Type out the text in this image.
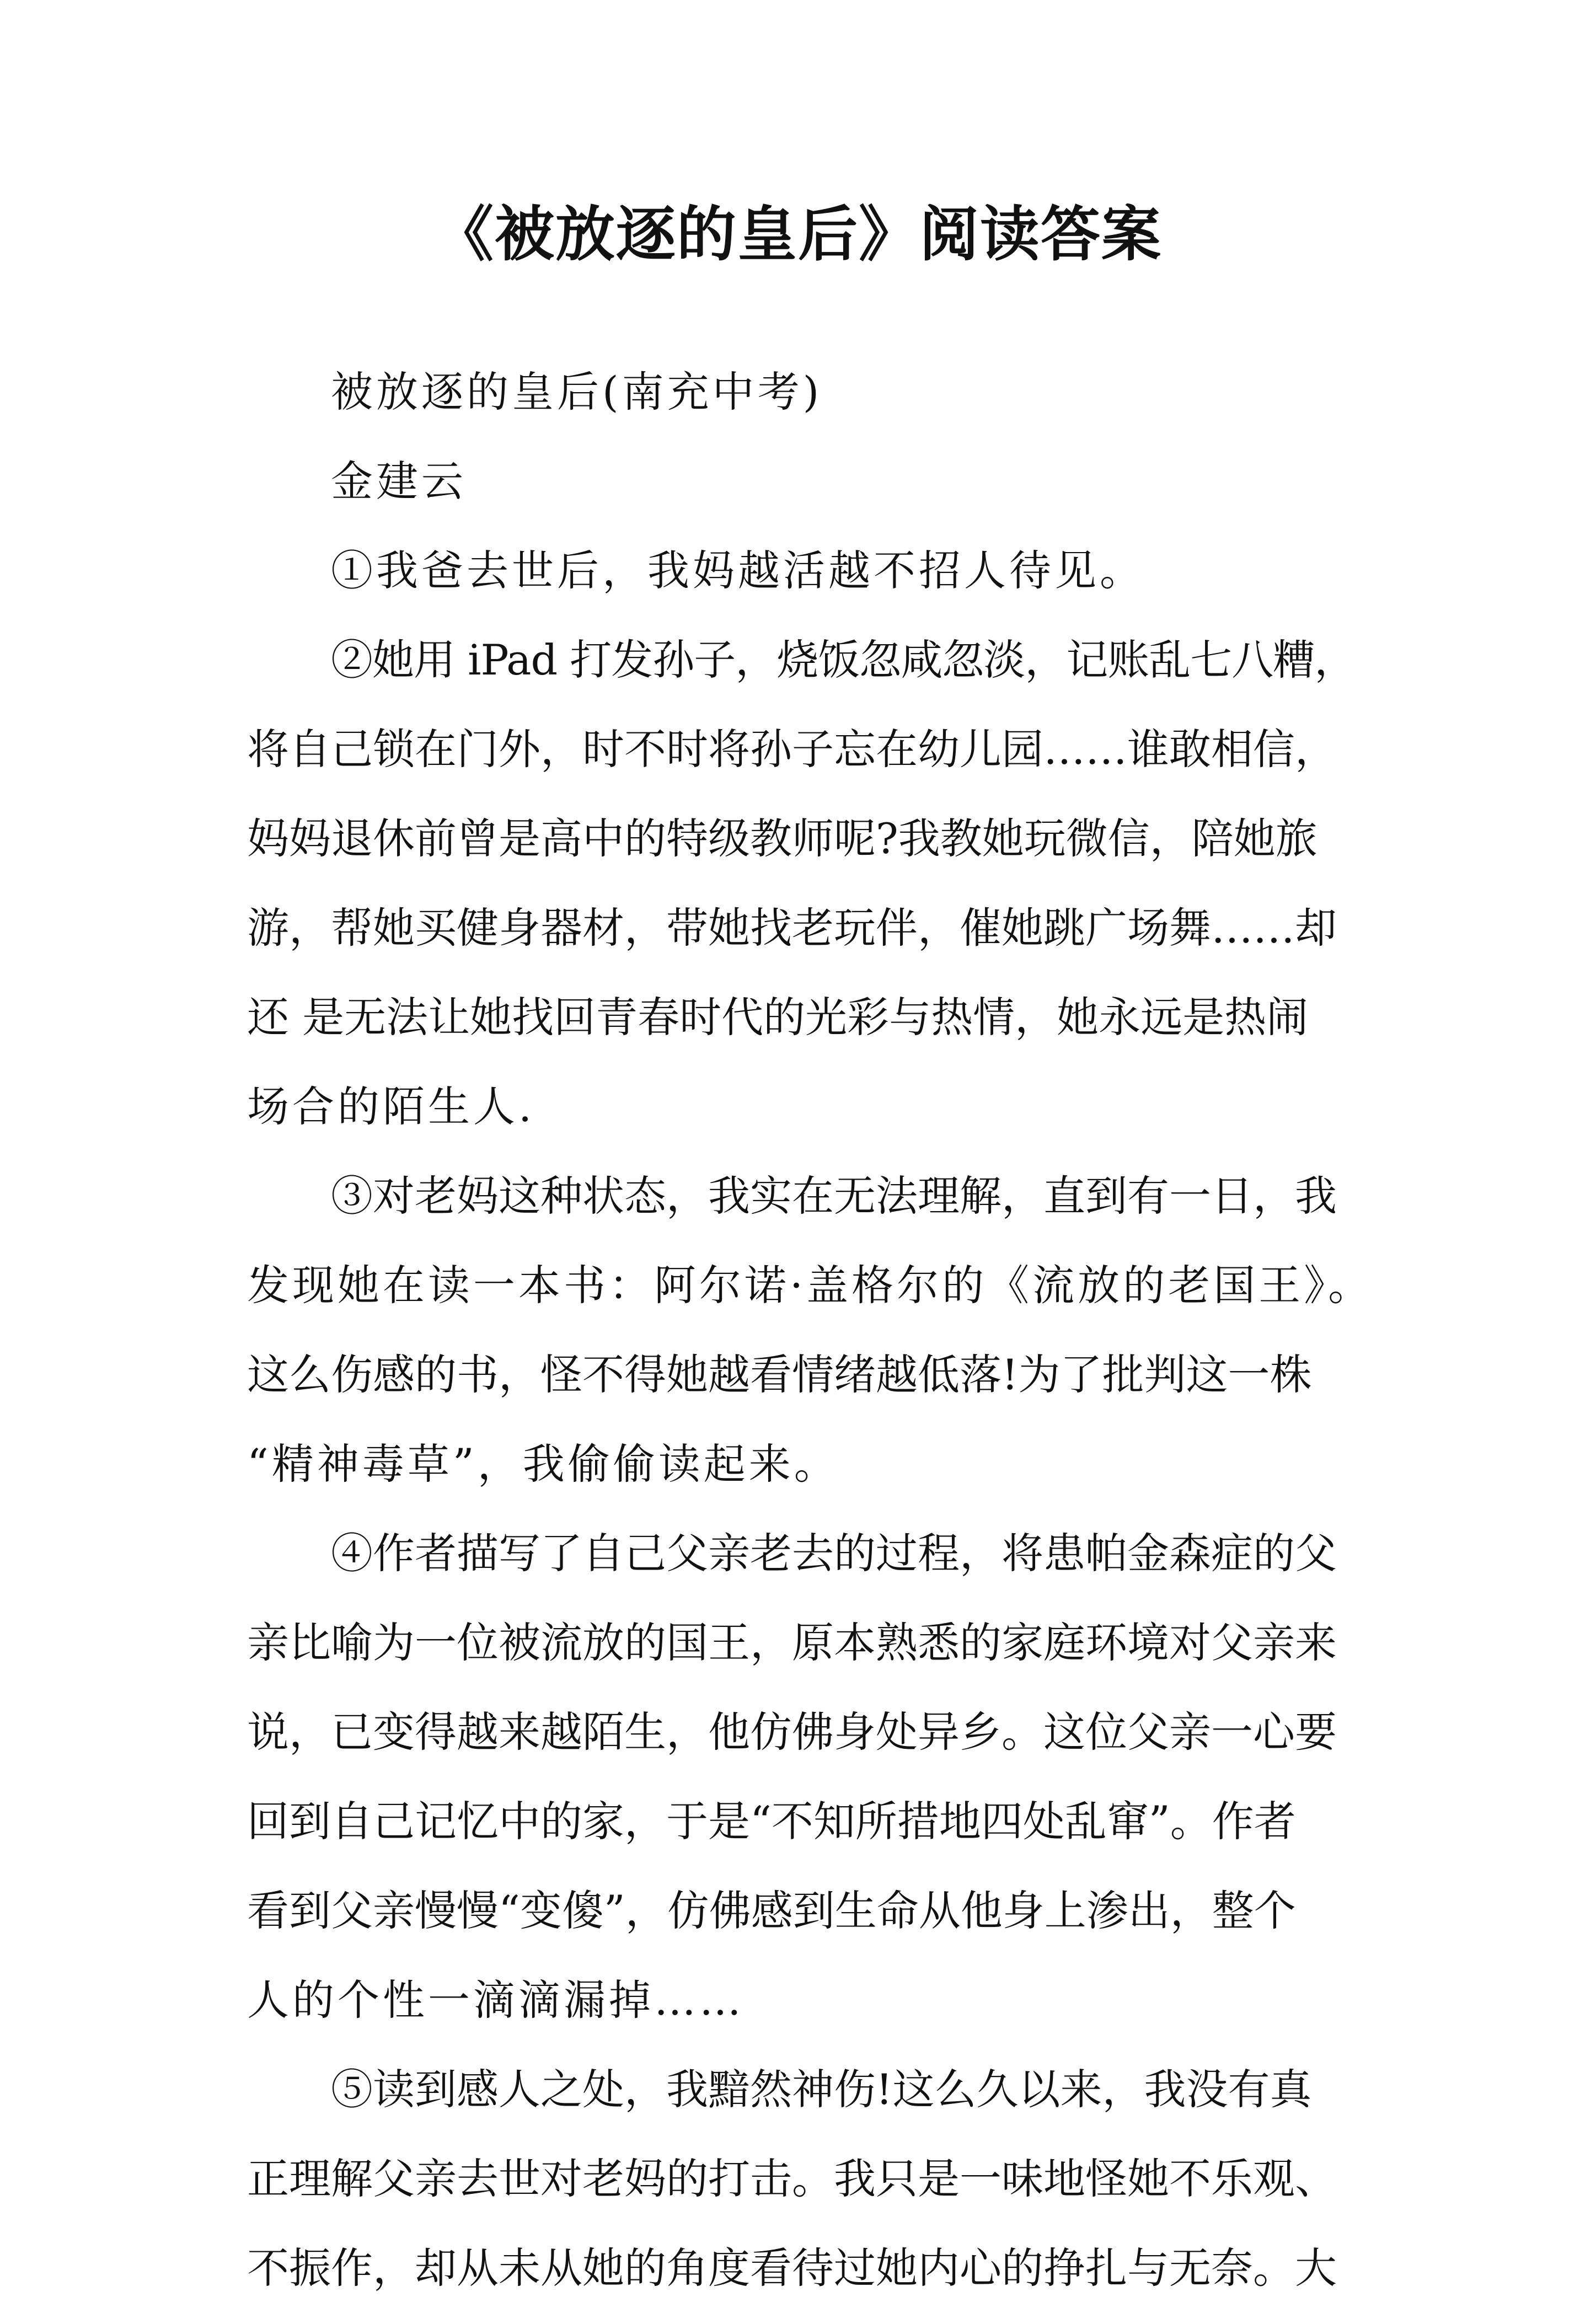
《被放逐的皇后》阅读答案
被放逐的皇后(南充中考)
金建云
①我爸去世后，我妈越活越不招人待见。
②她用 iPad 打发孙子，烧饭忽咸忽淡，记账乱七八糟，
将自己锁在门外，时不时将孙子忘在幼儿园……谁敢相信，
妈妈退休前曾是高中的特级教师呢?我教她玩微信，陪她旅
游，帮她买健身器材，带她找老玩伴，催她跳广场舞……却
还 是无法让她找回青春时代的光彩与热情，她永远是热闹
场合的陌生人.
③对老妈这种状态，我实在无法理解，直到有一日，我
发现她在读一本书：阿尔诺·盖格尔的《流放的老国王》。
这么伤感的书，怪不得她越看情绪越低落!为了批判这一株
“精神毒草”，我偷偷读起来。
④作者描写了自己父亲老去的过程，将患帕金森症的父
亲比喻为一位被流放的国王，原本熟悉的家庭环境对父亲来
说，已变得越来越陌生，他仿佛身处异乡。这位父亲一心要
回到自己记忆中的家，于是“不知所措地四处乱窜”。作者
看到父亲慢慢“变傻”，仿佛感到生命从他身上渗出，整个
人的个性一滴滴漏掉……
⑤读到感人之处，我黯然神伤!这么久以来，我没有真
正理解父亲去世对老妈的打击。我只是一味地怪她不乐观、
不振作，却从未从她的角度看待过她内心的挣扎与无奈。大
